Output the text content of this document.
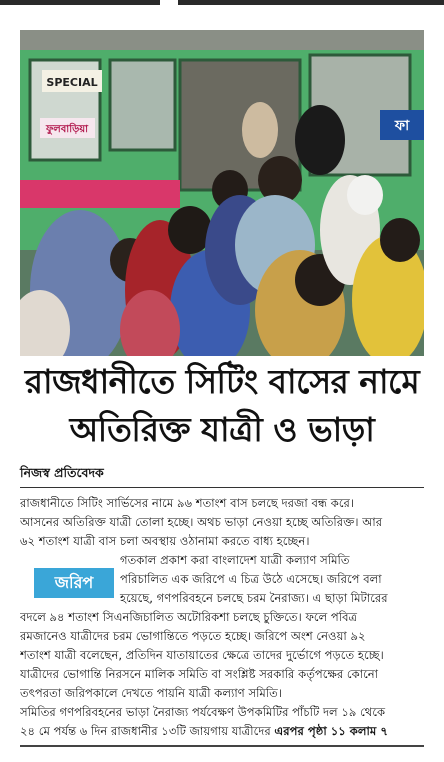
SPECIAL
ফুলবাড়িয়া	ফা
রাজধানীতে সিটিং বাসের নামে
অতিরিক্ত যাত্রী ও ভাড়া
নিজস্ব প্রতিবেদক
রাজধানীতে সিটিং সার্ভিসের নামে ৯৬ শতাংশ বাস চলছে দরজা বন্ধ করে।
আসনের অতিরিক্ত যাত্রী তোলা হচ্ছে। অথচ ভাড়া নেওয়া হচ্ছে অতিরিক্ত। আর
৬২ শতাংশ যাত্রী বাস চলা অবস্থায় ওঠানামা করতে বাধ্য হচ্ছেন।
জরিপ
গতকাল প্রকাশ করা বাংলাদেশ যাত্রী কল্যাণ সমিতি
পরিচালিত এক জরিপে এ চিত্র উঠে এসেছে। জরিপে বলা
হয়েছে, গণপরিবহনে চলছে চরম নৈরাজ্য। এ ছাড়া মিটারের
বদলে ৯৪ শতাংশ সিএনজিচালিত অটোরিকশা চলছে চুক্তিতে। ফলে পবিত্র
রমজানেও যাত্রীদের চরম ভোগান্তিতে পড়তে হচ্ছে। জরিপে অংশ নেওয়া ৯২
শতাংশ যাত্রী বলেছেন, প্রতিদিন যাতায়াতের ক্ষেত্রে তাদের দুর্ভোগে পড়তে হচ্ছে।
যাত্রীদের ভোগান্তি নিরসনে মালিক সমিতি বা সংশ্লিষ্ট সরকারি কর্তৃপক্ষের কোনো
তৎপরতা জরিপকালে দেখতে পায়নি যাত্রী কল্যাণ সমিতি।
সমিতির গণপরিবহনের ভাড়া নৈরাজ্য পর্যবেক্ষণ উপকমিটির পাঁচটি দল ১৯ থেকে
২৪ মে পর্যন্ত ৬ দিন রাজধানীর ১৩টি জায়গায় যাত্রীদের এরপর পৃষ্ঠা ১১ কলাম ৭
